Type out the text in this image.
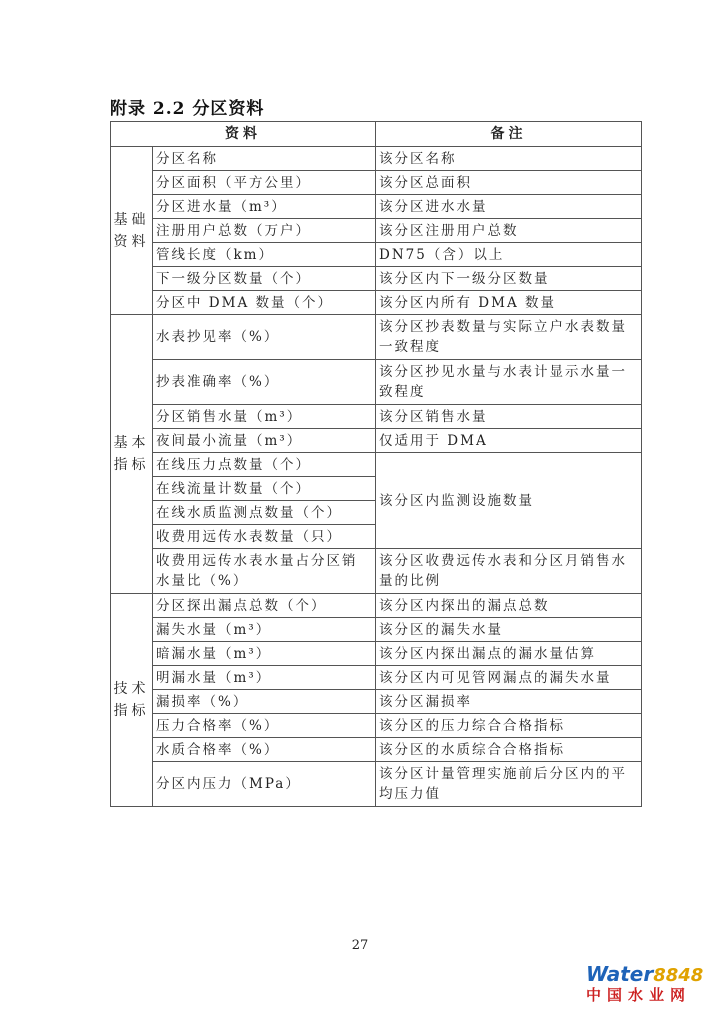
附录 2.2 分区资料
资料		备注
基础资料	分区名称	该分区名称
	分区面积（平方公里）	该分区总面积
	分区进水量（m³）	该分区进水水量
	注册用户总数（万户）	该分区注册用户总数
	管线长度（km）	DN75（含）以上
	下一级分区数量（个）	该分区内下一级分区数量
	分区中 DMA 数量（个）	该分区内所有 DMA 数量
基本指标	水表抄见率（%）	该分区抄表数量与实际立户水表数量一致程度
	抄表准确率（%）	该分区抄见水量与水表计显示水量一致程度
	分区销售水量（m³）	该分区销售水量
	夜间最小流量（m³）	仅适用于 DMA
	在线压力点数量（个）	该分区内监测设施数量
	在线流量计数量（个）	
	在线水质监测点数量（个）	
	收费用远传水表数量（只）	
	收费用远传水表水量占分区销水量比（%）	该分区收费远传水表和分区月销售水量的比例
技术指标	分区探出漏点总数（个）	该分区内探出的漏点总数
	漏失水量（m³）	该分区的漏失水量
	暗漏水量（m³）	该分区内探出漏点的漏水量估算
	明漏水量（m³）	该分区内可见管网漏点的漏失水量
	漏损率（%）	该分区漏损率
	压力合格率（%）	该分区的压力综合合格指标
	水质合格率（%）	该分区的水质综合合格指标
	分区内压力（MPa）	该分区计量管理实施前后分区内的平均压力值
27
Water8848
中国水业网
